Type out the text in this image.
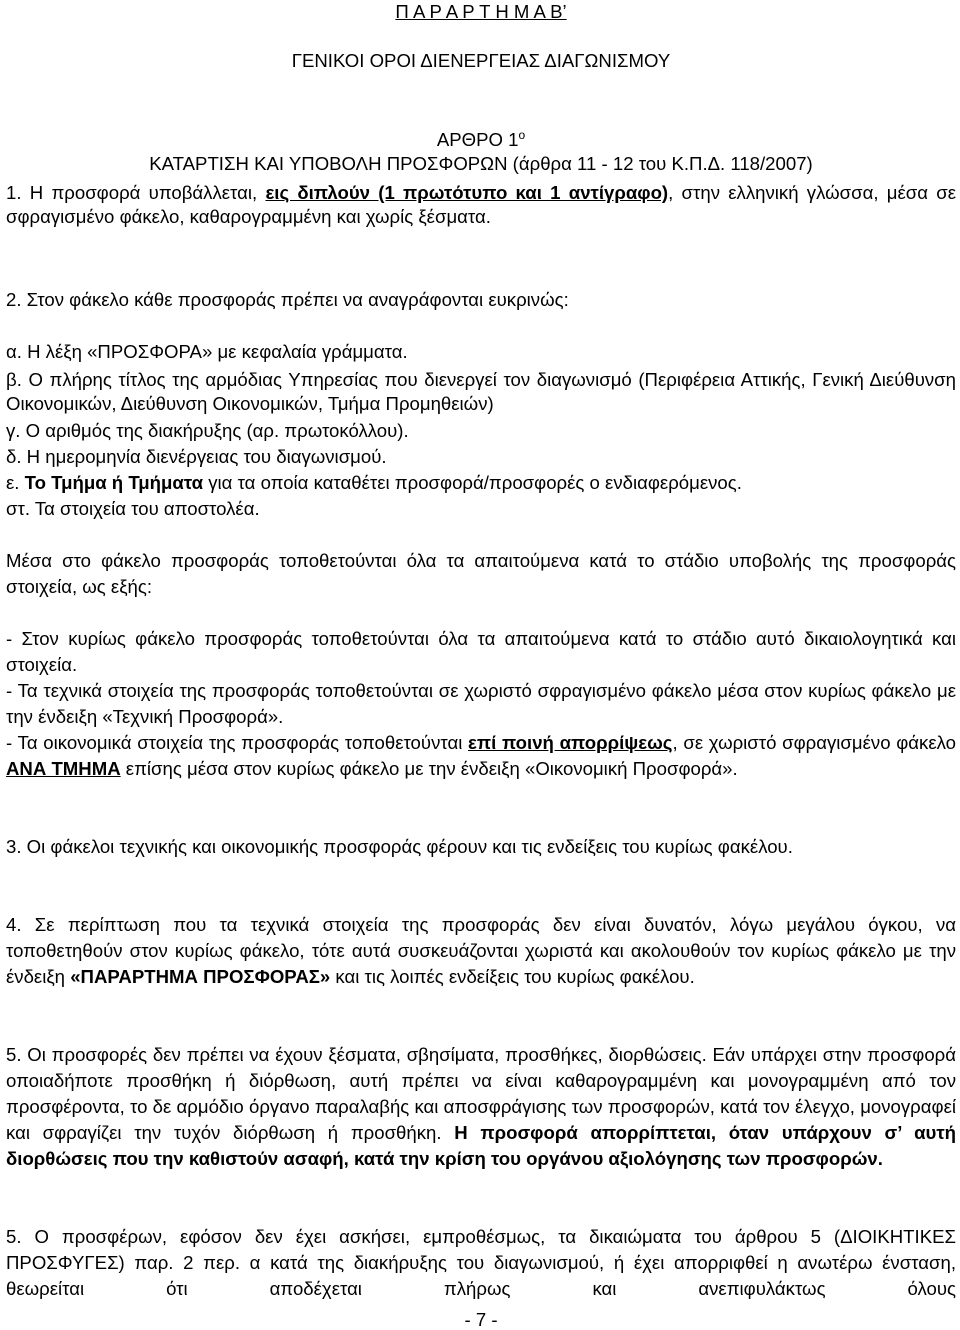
Π Α Ρ Α Ρ Τ Η Μ Α Β’
ΓΕΝΙΚΟΙ ΟΡΟΙ ΔΙΕΝΕΡΓΕΙΑΣ ΔΙΑΓΩΝΙΣΜΟΥ
ΑΡΘΡΟ $1^o$
ΚΑΤΑΡΤΙΣΗ ΚΑΙ ΥΠΟΒΟΛΗ ΠΡΟΣΦΟΡΩΝ (άρθρα 11 - 12 του Κ.Π.Δ. 118/2007)

1. Η προσφορά υποβάλλεται, εις διπλούν (1 πρωτότυπο και 1 αντίγραφο), στην ελληνική γλώσσα, μέσα σε σφραγισμένο φάκελο, καθαρογραμμένη και χωρίς ξέσματα.

2. Στον φάκελο κάθε προσφοράς πρέπει να αναγράφονται ευκρινώς:

α. Η λέξη «ΠΡΟΣΦΟΡΑ» με κεφαλαία γράμματα.

β. Ο πλήρης τίτλος της αρμόδιας Υπηρεσίας που διενεργεί τον διαγωνισμό (Περιφέρεια Αττικής, Γενική Διεύθυνση Οικονομικών, Διεύθυνση Οικονομικών, Τμήμα Προμηθειών)

γ. Ο αριθμός της διακήρυξης (αρ. πρωτοκόλλου).

δ. Η ημερομηνία διενέργειας του διαγωνισμού.

ε. Το Τμήμα ή Τμήματα για τα οποία καταθέτει προσφορά/προσφορές ο ενδιαφερόμενος.

στ. Τα στοιχεία του αποστολέα.

Μέσα στο φάκελο προσφοράς τοποθετούνται όλα τα απαιτούμενα κατά το στάδιο υποβολής της προσφοράς στοιχεία, ως εξής:

- Στον κυρίως φάκελο προσφοράς τοποθετούνται όλα τα απαιτούμενα κατά το στάδιο αυτό δικαιολογητικά και στοιχεία.

- Τα τεχνικά στοιχεία της προσφοράς τοποθετούνται σε χωριστό σφραγισμένο φάκελο μέσα στον κυρίως φάκελο με την ένδειξη «Τεχνική Προσφορά».

- Τα οικονομικά στοιχεία της προσφοράς τοποθετούνται επί ποινή απορρίψεως, σε χωριστό σφραγισμένο φάκελο ΑΝΑ ΤΜΗΜΑ επίσης μέσα στον κυρίως φάκελο με την ένδειξη «Οικονομική Προσφορά».

3. Οι φάκελοι τεχνικής και οικονομικής προσφοράς φέρουν και τις ενδείξεις του κυρίως φακέλου.

4. Σε περίπτωση που τα τεχνικά στοιχεία της προσφοράς δεν είναι δυνατόν, λόγω μεγάλου όγκου, να τοποθετηθούν στον κυρίως φάκελο, τότε αυτά συσκευάζονται χωριστά και ακολουθούν τον κυρίως φάκελο με την ένδειξη «ΠΑΡΑΡΤΗΜΑ ΠΡΟΣΦΟΡΑΣ» και τις λοιπές ενδείξεις του κυρίως φακέλου.

5. Οι προσφορές δεν πρέπει να έχουν ξέσματα, σβησίματα, προσθήκες, διορθώσεις. Εάν υπάρχει στην προσφορά οποιαδήποτε προσθήκη ή διόρθωση, αυτή πρέπει να είναι καθαρογραμμένη και μονογραμμένη από τον προσφέροντα, το δε αρμόδιο όργανο παραλαβής και αποσφράγισης των προσφορών, κατά τον έλεγχο, μονογραφεί και σφραγίζει την τυχόν διόρθωση ή προσθήκη. Η προσφορά απορρίπτεται, όταν υπάρχουν σ’ αυτή διορθώσεις που την καθιστούν ασαφή, κατά την κρίση του οργάνου αξιολόγησης των προσφορών.

5. Ο προσφέρων, εφόσον δεν έχει ασκήσει, εμπροθέσμως, τα δικαιώματα του άρθρου 5 (ΔΙΟΙΚΗΤΙΚΕΣ ΠΡΟΣΦΥΓΕΣ) παρ. 2 περ. α κατά της διακήρυξης του διαγωνισμού, ή έχει απορριφθεί η ανωτέρω ένσταση, θεωρείται ότι αποδέχεται πλήρως και ανεπιφυλάκτως όλους

- 7 -
